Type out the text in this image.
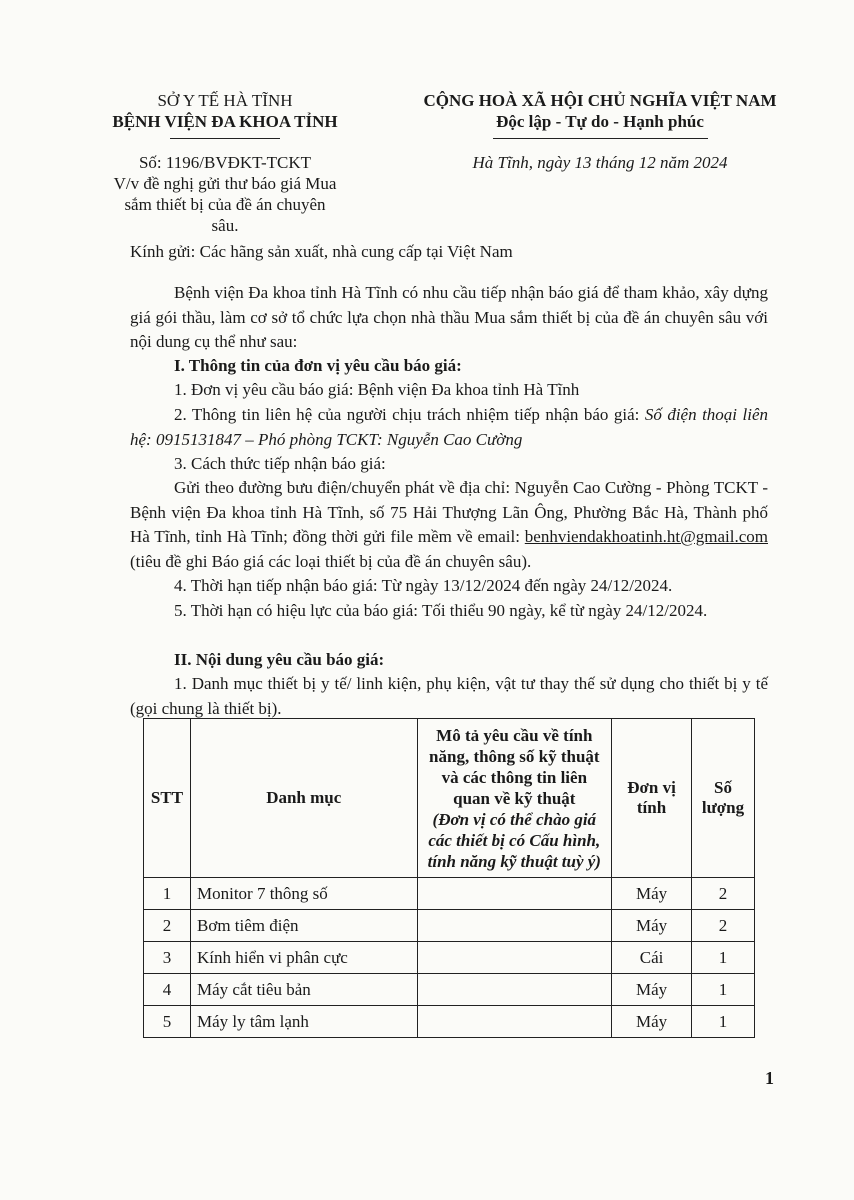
SỞ Y TẾ HÀ TĨNH
BỆNH VIỆN ĐA KHOA TỈNH
Số: 1196/BVĐKT-TCKT
V/v đề nghị gửi thư báo giá Mua
sắm thiết bị của đề án chuyên sâu.
CỘNG HOÀ XÃ HỘI CHỦ NGHĨA VIỆT NAM
Độc lập - Tự do - Hạnh phúc
Hà Tĩnh, ngày 13 tháng 12 năm 2024
Kính gửi: Các hãng sản xuất, nhà cung cấp tại Việt Nam
Bệnh viện Đa khoa tỉnh Hà Tĩnh có nhu cầu tiếp nhận báo giá để tham khảo, xây dựng giá gói thầu, làm cơ sở tổ chức lựa chọn nhà thầu Mua sắm thiết bị của đề án chuyên sâu với nội dung cụ thể như sau:
I. Thông tin của đơn vị yêu cầu báo giá:
1. Đơn vị yêu cầu báo giá: Bệnh viện Đa khoa tỉnh Hà Tĩnh
2. Thông tin liên hệ của người chịu trách nhiệm tiếp nhận báo giá: Số điện thoại liên hệ: 0915131847 – Phó phòng TCKT: Nguyễn Cao Cường
3. Cách thức tiếp nhận báo giá:
Gửi theo đường bưu điện/chuyển phát về địa chỉ: Nguyễn Cao Cường - Phòng TCKT - Bệnh viện Đa khoa tỉnh Hà Tĩnh, số 75 Hải Thượng Lãn Ông, Phường Bắc Hà, Thành phố Hà Tĩnh, tỉnh Hà Tĩnh; đồng thời gửi file mềm về email: benhviendakhoatinh.ht@gmail.com (tiêu đề ghi Báo giá các loại thiết bị của đề án chuyên sâu).
4. Thời hạn tiếp nhận báo giá: Từ ngày 13/12/2024 đến ngày 24/12/2024.
5. Thời hạn có hiệu lực của báo giá: Tối thiểu 90 ngày, kể từ ngày 24/12/2024.
II. Nội dung yêu cầu báo giá:
1. Danh mục thiết bị y tế/ linh kiện, phụ kiện, vật tư thay thế sử dụng cho thiết bị y tế (gọi chung là thiết bị).
STT	Danh mục	Mô tả yêu cầu về tính năng, thông số kỹ thuật và các thông tin liên quan về kỹ thuật
(Đơn vị có thể chào giá các thiết bị có Cấu hình, tính năng kỹ thuật tuỳ ý)	Đơn vị tính	Số lượng
1	Monitor 7 thông số		Máy	2
2	Bơm tiêm điện		Máy	2
3	Kính hiển vi phân cực		Cái	1
4	Máy cắt tiêu bản		Máy	1
5	Máy ly tâm lạnh		Máy	1
1
